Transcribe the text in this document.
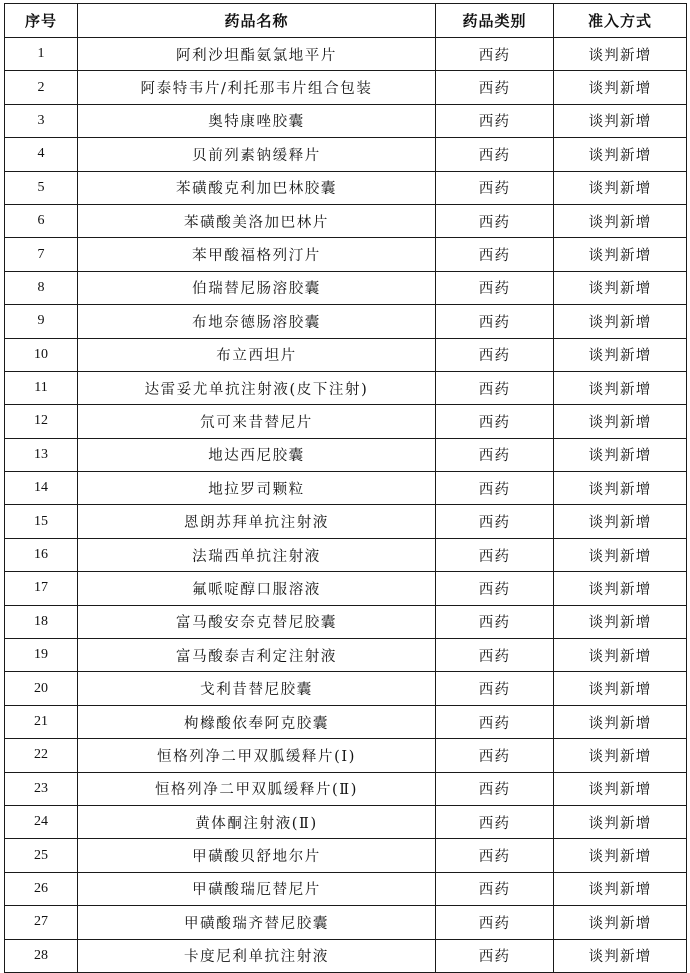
序号	药品名称	药品类别	准入方式
1	阿利沙坦酯氨氯地平片	西药	谈判新增
2	阿泰特韦片/利托那韦片组合包装	西药	谈判新增
3	奥特康唑胶囊	西药	谈判新增
4	贝前列素钠缓释片	西药	谈判新增
5	苯磺酸克利加巴林胶囊	西药	谈判新增
6	苯磺酸美洛加巴林片	西药	谈判新增
7	苯甲酸福格列汀片	西药	谈判新增
8	伯瑞替尼肠溶胶囊	西药	谈判新增
9	布地奈德肠溶胶囊	西药	谈判新增
10	布立西坦片	西药	谈判新增
11	达雷妥尤单抗注射液(皮下注射)	西药	谈判新增
12	氘可来昔替尼片	西药	谈判新增
13	地达西尼胶囊	西药	谈判新增
14	地拉罗司颗粒	西药	谈判新增
15	恩朗苏拜单抗注射液	西药	谈判新增
16	法瑞西单抗注射液	西药	谈判新增
17	氟哌啶醇口服溶液	西药	谈判新增
18	富马酸安奈克替尼胶囊	西药	谈判新增
19	富马酸泰吉利定注射液	西药	谈判新增
20	戈利昔替尼胶囊	西药	谈判新增
21	枸橼酸依奉阿克胶囊	西药	谈判新增
22	恒格列净二甲双胍缓释片(Ⅰ)	西药	谈判新增
23	恒格列净二甲双胍缓释片(Ⅱ)	西药	谈判新增
24	黄体酮注射液(Ⅱ)	西药	谈判新增
25	甲磺酸贝舒地尔片	西药	谈判新增
26	甲磺酸瑞厄替尼片	西药	谈判新增
27	甲磺酸瑞齐替尼胶囊	西药	谈判新增
28	卡度尼利单抗注射液	西药	谈判新增
